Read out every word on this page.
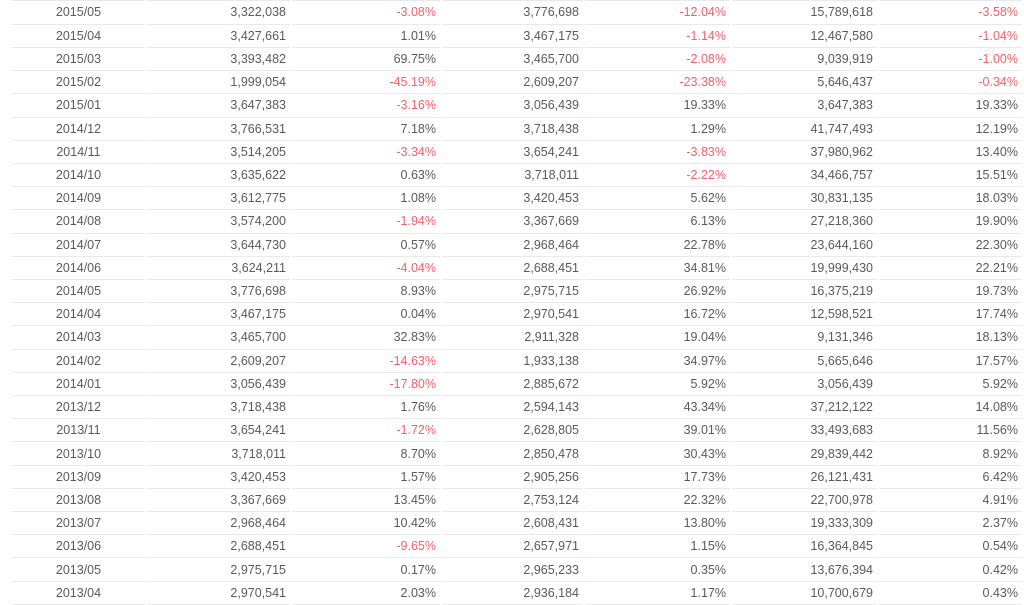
2015/05	3,322,038	-3.08%	3,776,698	-12.04%	15,789,618	-3.58%
2015/04	3,427,661	1.01%	3,467,175	-1.14%	12,467,580	-1.04%
2015/03	3,393,482	69.75%	3,465,700	-2.08%	9,039,919	-1.00%
2015/02	1,999,054	-45.19%	2,609,207	-23.38%	5,646,437	-0.34%
2015/01	3,647,383	-3.16%	3,056,439	19.33%	3,647,383	19.33%
2014/12	3,766,531	7.18%	3,718,438	1.29%	41,747,493	12.19%
2014/11	3,514,205	-3.34%	3,654,241	-3.83%	37,980,962	13.40%
2014/10	3,635,622	0.63%	3,718,011	-2.22%	34,466,757	15.51%
2014/09	3,612,775	1.08%	3,420,453	5.62%	30,831,135	18.03%
2014/08	3,574,200	-1.94%	3,367,669	6.13%	27,218,360	19.90%
2014/07	3,644,730	0.57%	2,968,464	22.78%	23,644,160	22.30%
2014/06	3,624,211	-4.04%	2,688,451	34.81%	19,999,430	22.21%
2014/05	3,776,698	8.93%	2,975,715	26.92%	16,375,219	19.73%
2014/04	3,467,175	0.04%	2,970,541	16.72%	12,598,521	17.74%
2014/03	3,465,700	32.83%	2,911,328	19.04%	9,131,346	18.13%
2014/02	2,609,207	-14.63%	1,933,138	34.97%	5,665,646	17.57%
2014/01	3,056,439	-17.80%	2,885,672	5.92%	3,056,439	5.92%
2013/12	3,718,438	1.76%	2,594,143	43.34%	37,212,122	14.08%
2013/11	3,654,241	-1.72%	2,628,805	39.01%	33,493,683	11.56%
2013/10	3,718,011	8.70%	2,850,478	30.43%	29,839,442	8.92%
2013/09	3,420,453	1.57%	2,905,256	17.73%	26,121,431	6.42%
2013/08	3,367,669	13.45%	2,753,124	22.32%	22,700,978	4.91%
2013/07	2,968,464	10.42%	2,608,431	13.80%	19,333,309	2.37%
2013/06	2,688,451	-9.65%	2,657,971	1.15%	16,364,845	0.54%
2013/05	2,975,715	0.17%	2,965,233	0.35%	13,676,394	0.42%
2013/04	2,970,541	2.03%	2,936,184	1.17%	10,700,679	0.43%
